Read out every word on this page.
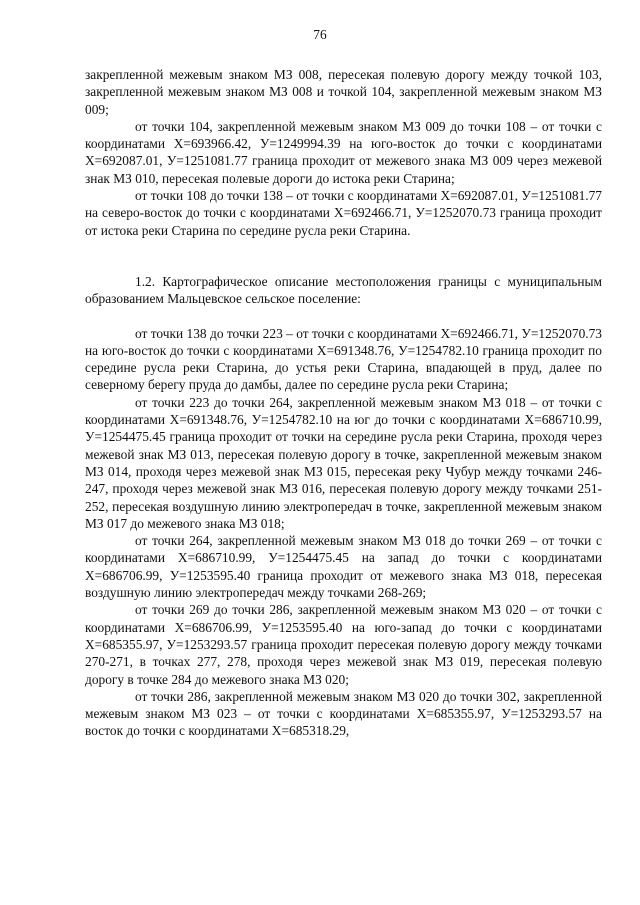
76

закрепленной межевым знаком МЗ 008, пересекая полевую дорогу между точкой 103, закрепленной межевым знаком МЗ 008 и точкой 104, закрепленной межевым знаком МЗ 009;

от точки 104, закрепленной межевым знаком МЗ 009 до точки 108 – от точки с координатами Х=693966.42, У=1249994.39 на юго-восток до точки с координатами Х=692087.01, У=1251081.77 граница проходит от межевого знака МЗ 009 через межевой знак МЗ 010, пересекая полевые дороги до истока реки Старина;

от точки 108 до точки 138 – от точки с координатами Х=692087.01, У=1251081.77 на северо-восток до точки с координатами Х=692466.71, У=1252070.73 граница проходит от истока реки Старина по середине русла реки Старина.

1.2. Картографическое описание местоположения границы с муниципальным образованием Мальцевское сельское поселение:

от точки 138 до точки 223 – от точки с координатами Х=692466.71, У=1252070.73 на юго-восток до точки с координатами Х=691348.76, У=1254782.10 граница проходит по середине русла реки Старина, до устья реки Старина, впадающей в пруд, далее по северному берегу пруда до дамбы, далее по середине русла реки Старина;

от точки 223 до точки 264, закрепленной межевым знаком МЗ 018 – от точки с координатами Х=691348.76, У=1254782.10 на юг до точки с координатами Х=686710.99, У=1254475.45 граница проходит от точки на середине русла реки Старина, проходя через межевой знак МЗ 013, пересекая полевую дорогу в точке, закрепленной межевым знаком МЗ 014, проходя через межевой знак МЗ 015, пересекая реку Чубур между точками 246-247, проходя через межевой знак МЗ 016, пересекая полевую дорогу между точками 251-252, пересекая воздушную линию электропередач в точке, закрепленной межевым знаком МЗ 017 до межевого знака МЗ 018;

от точки 264, закрепленной межевым знаком МЗ 018 до точки 269 – от точки с координатами Х=686710.99, У=1254475.45 на запад до точки с координатами Х=686706.99, У=1253595.40 граница проходит от межевого знака МЗ 018, пересекая воздушную линию электропередач между точками 268-269;

от точки 269 до точки 286, закрепленной межевым знаком МЗ 020 – от точки с координатами Х=686706.99, У=1253595.40 на юго-запад до точки с координатами Х=685355.97, У=1253293.57 граница проходит пересекая полевую дорогу между точками 270-271, в точках 277, 278, проходя через межевой знак МЗ 019, пересекая полевую дорогу в точке 284 до межевого знака МЗ 020;

от точки 286, закрепленной межевым знаком МЗ 020 до точки 302, закрепленной межевым знаком МЗ 023 – от точки с координатами Х=685355.97, У=1253293.57 на восток до точки с координатами Х=685318.29,
